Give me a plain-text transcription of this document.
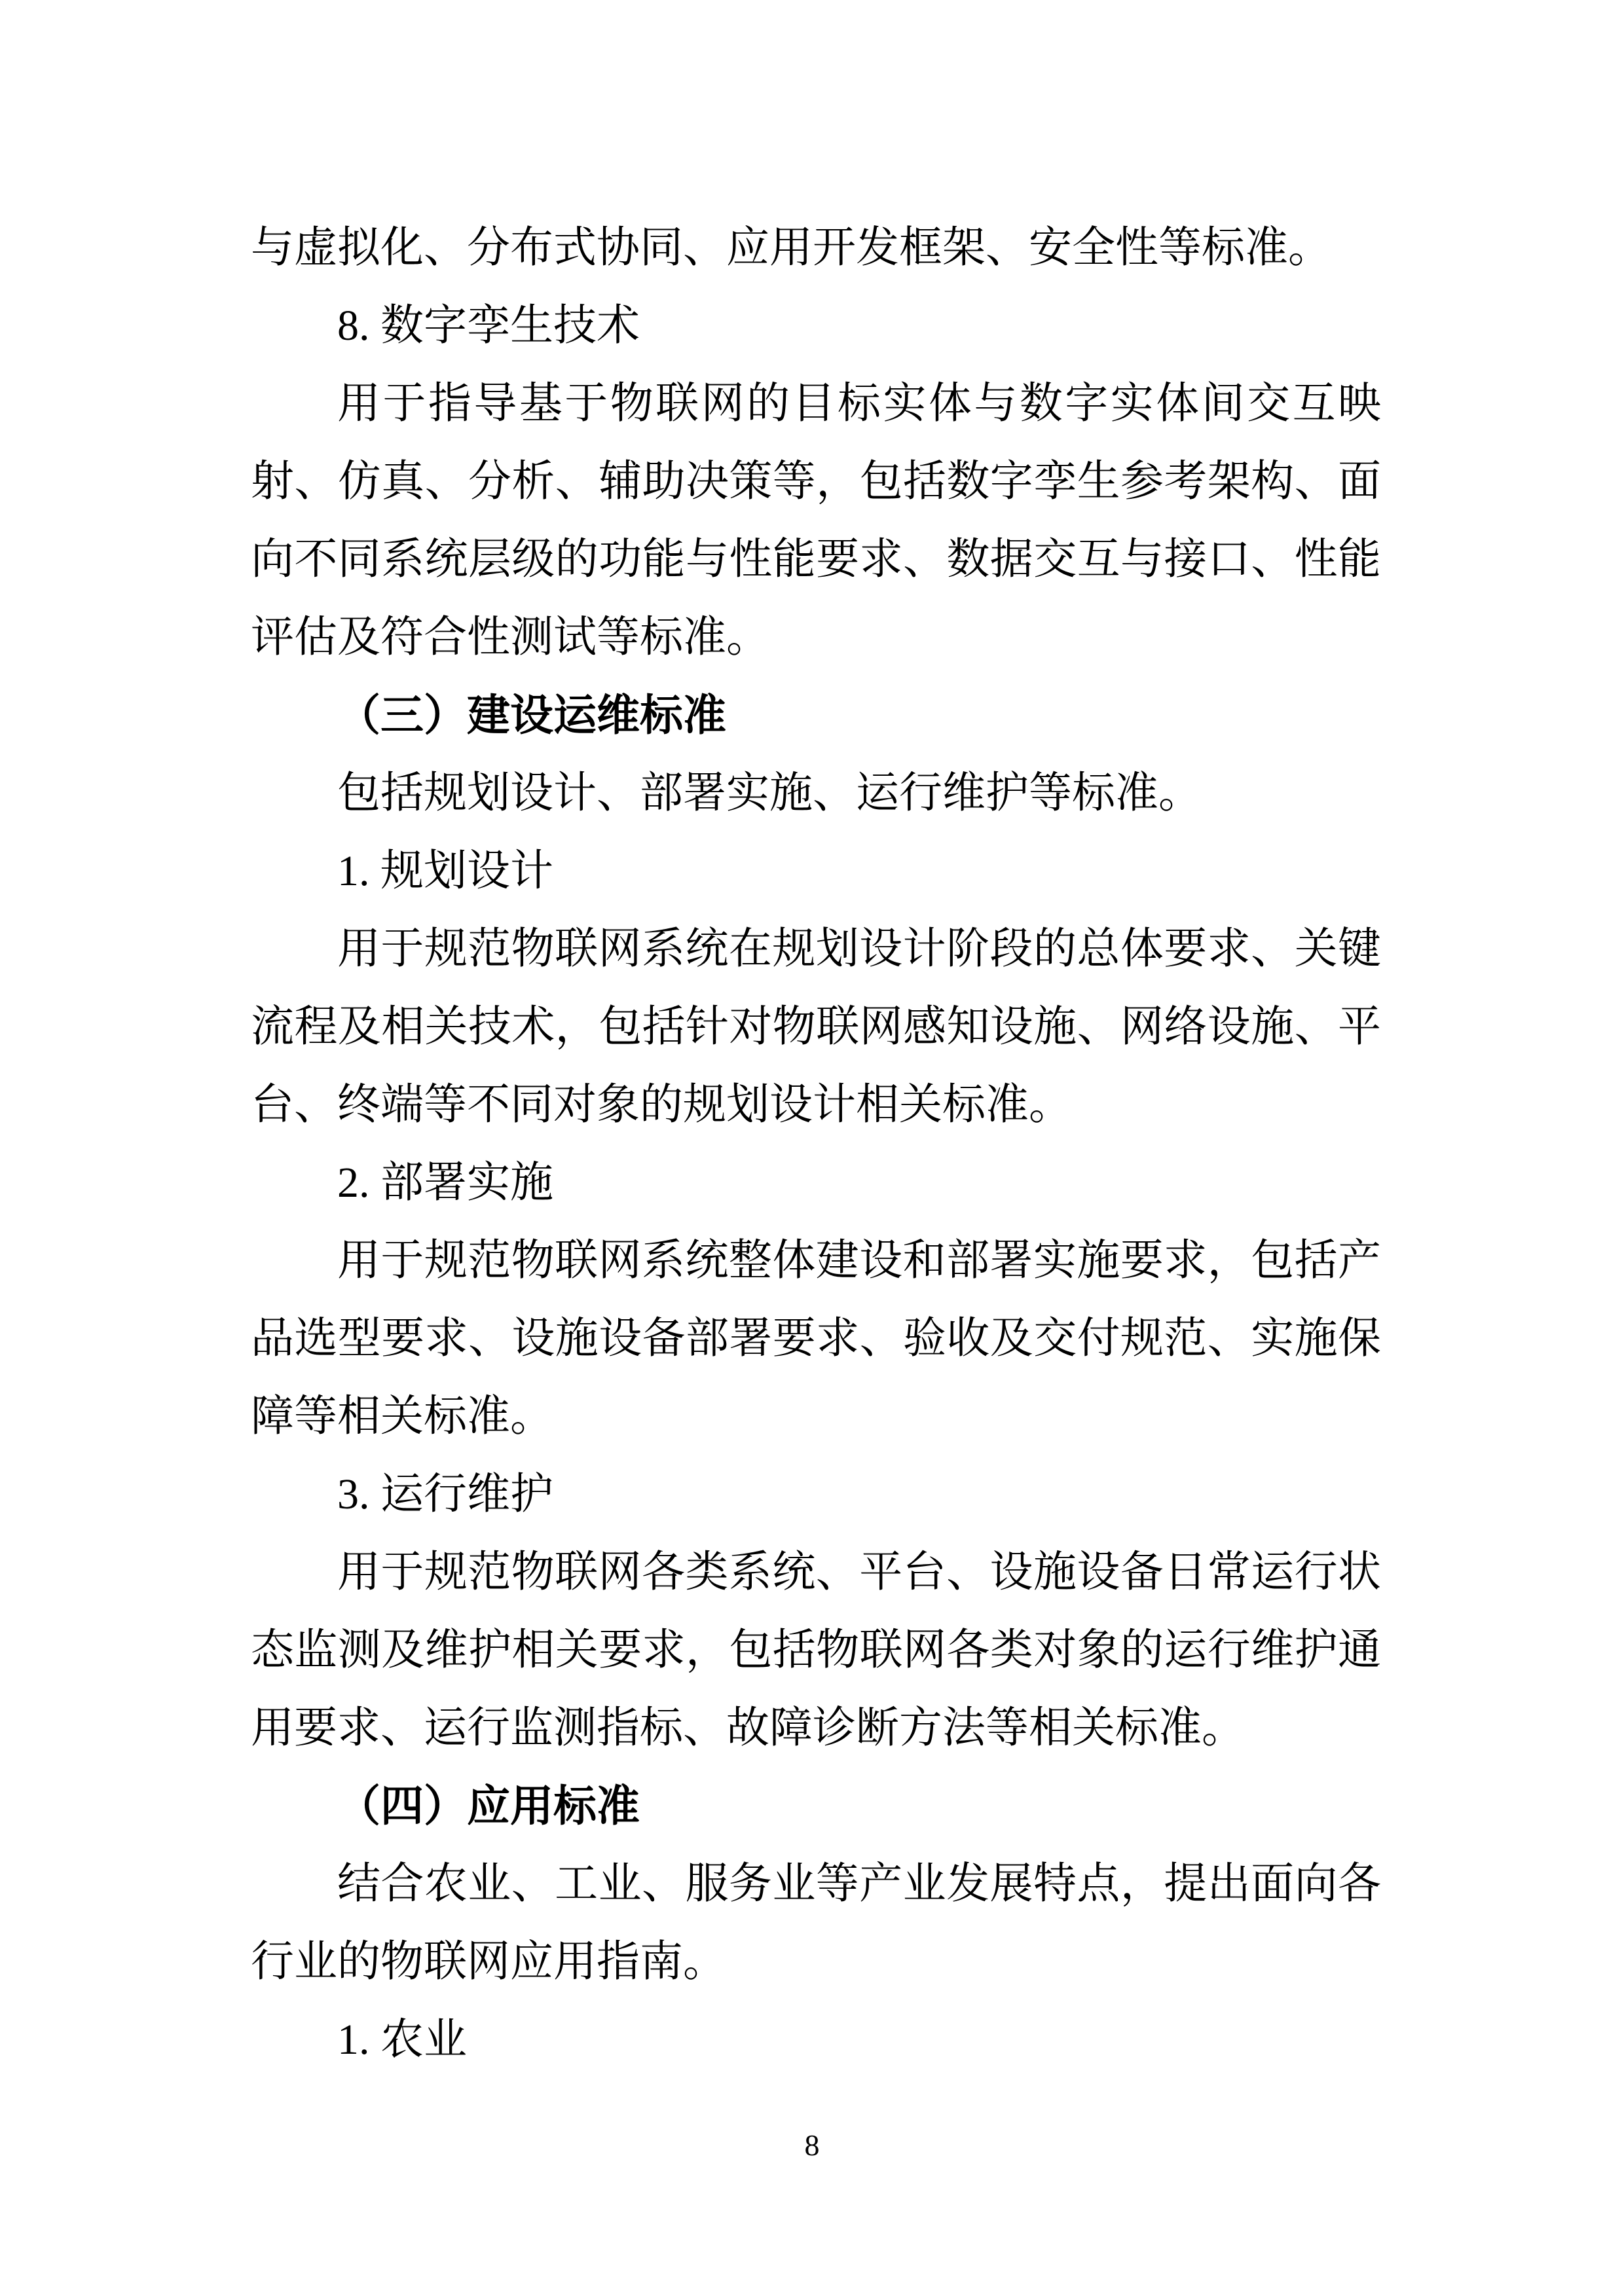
与虚拟化、分布式协同、应用开发框架、安全性等标准。
8. 数字孪生技术
用于指导基于物联网的目标实体与数字实体间交互映
射、仿真、分析、辅助决策等，包括数字孪生参考架构、面
向不同系统层级的功能与性能要求、数据交互与接口、性能
评估及符合性测试等标准。
（三）建设运维标准
包括规划设计、部署实施、运行维护等标准。
1. 规划设计
用于规范物联网系统在规划设计阶段的总体要求、关键
流程及相关技术，包括针对物联网感知设施、网络设施、平
台、终端等不同对象的规划设计相关标准。
2. 部署实施
用于规范物联网系统整体建设和部署实施要求，包括产
品选型要求、设施设备部署要求、验收及交付规范、实施保
障等相关标准。
3. 运行维护
用于规范物联网各类系统、平台、设施设备日常运行状
态监测及维护相关要求，包括物联网各类对象的运行维护通
用要求、运行监测指标、故障诊断方法等相关标准。
（四）应用标准
结合农业、工业、服务业等产业发展特点，提出面向各
行业的物联网应用指南。
1. 农业
8
